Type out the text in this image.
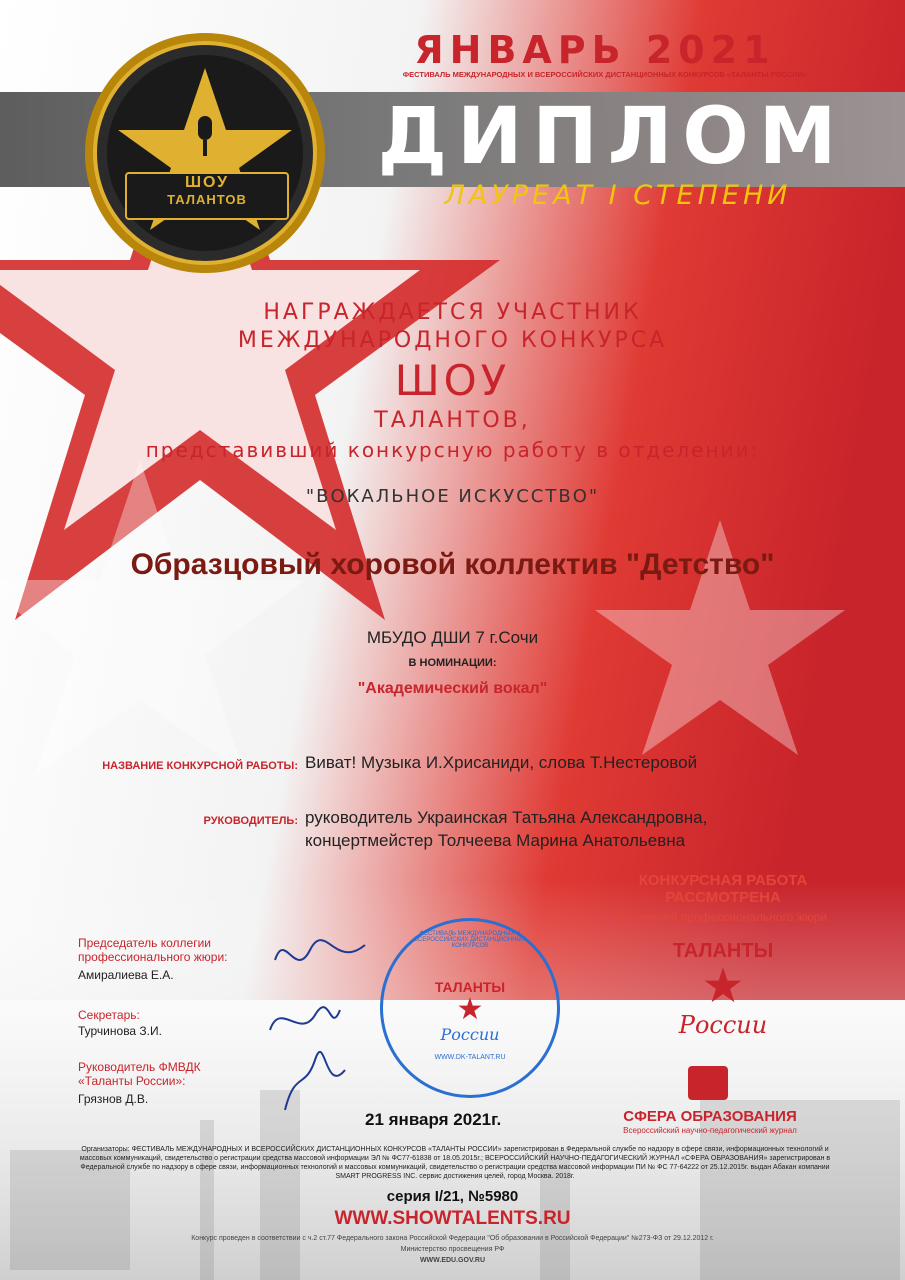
ШОУ
ТАЛАНТОВ
ЯНВАРЬ 2021
ФЕСТИВАЛЬ МЕЖДУНАРОДНЫХ И ВСЕРОССИЙСКИХ ДИСТАНЦИОННЫХ КОНКУРСОВ «ТАЛАНТЫ РОССИИ»
ДИПЛОМ
ЛАУРЕАТ I СТЕПЕНИ
НАГРАЖДАЕТСЯ УЧАСТНИК
МЕЖДУНАРОДНОГО КОНКУРСА
ШОУ
ТАЛАНТОВ,
представивший конкурсную работу в отделении:
"ВОКАЛЬНОЕ ИСКУССТВО"
Образцовый хоровой коллектив "Детство"
МБУДО ДШИ 7 г.Сочи
В НОМИНАЦИИ:
"Академический вокал"
НАЗВАНИЕ КОНКУРСНОЙ РАБОТЫ: Виват! Музыка И.Хрисаниди, слова Т.Нестеровой
РУКОВОДИТЕЛЬ: руководитель Украинская Татьяна Александровна,
концертмейстер Толчеева Марина Анатольевна
Председатель коллегии профессионального жюри:
Амиралиева Е.А.
Секретарь:
Турчинова З.И.
Руководитель ФМВДК «Таланты России»:
Грязнов Д.В.
ФЕСТИВАЛЬ МЕЖДУНАРОДНЫХ И ВСЕРОССИЙСКИХ ДИСТАНЦИОННЫХ КОНКУРСОВ
ТАЛАНТЫ
★
России
WWW.DK-TALANT.RU
КОНКУРСНАЯ РАБОТА РАССМОТРЕНА
Коллегией профессионального жюри
ТАЛАНТЫ
★
России
СФЕРА ОБРАЗОВАНИЯ
Всероссийский научно-педагогический журнал
21 января 2021г.
Организаторы: ФЕСТИВАЛЬ МЕЖДУНАРОДНЫХ И ВСЕРОССИЙСКИХ ДИСТАНЦИОННЫХ КОНКУРСОВ «ТАЛАНТЫ РОССИИ» зарегистрирован в Федеральной службе по надзору в сфере связи, информационных технологий и массовых коммуникаций, свидетельство о регистрации средства массовой информации ЭЛ № ФС77-61838 от 18.05.2015г.; ВСЕРОССИЙСКИЙ НАУЧНО-ПЕДАГОГИЧЕСКИЙ ЖУРНАЛ «СФЕРА ОБРАЗОВАНИЯ» зарегистрирован в Федеральной службе по надзору в сфере связи, информационных технологий и массовых коммуникаций, свидетельство о регистрации средства массовой информации ПИ № ФС 77-64222 от 25.12.2015г. выдан Абакан компании SMART PROGRESS INC. сервис достижения целей, город Москва. 2018г.
серия I/21, №5980
WWW.SHOWTALENTS.RU
Конкурс проведен в соответствии с ч.2 ст.77 Федерального закона Российской Федерации "Об образовании в Российской Федерации" №273-ФЗ от 29.12.2012 г.
Министерство просвещения РФ
WWW.EDU.GOV.RU
